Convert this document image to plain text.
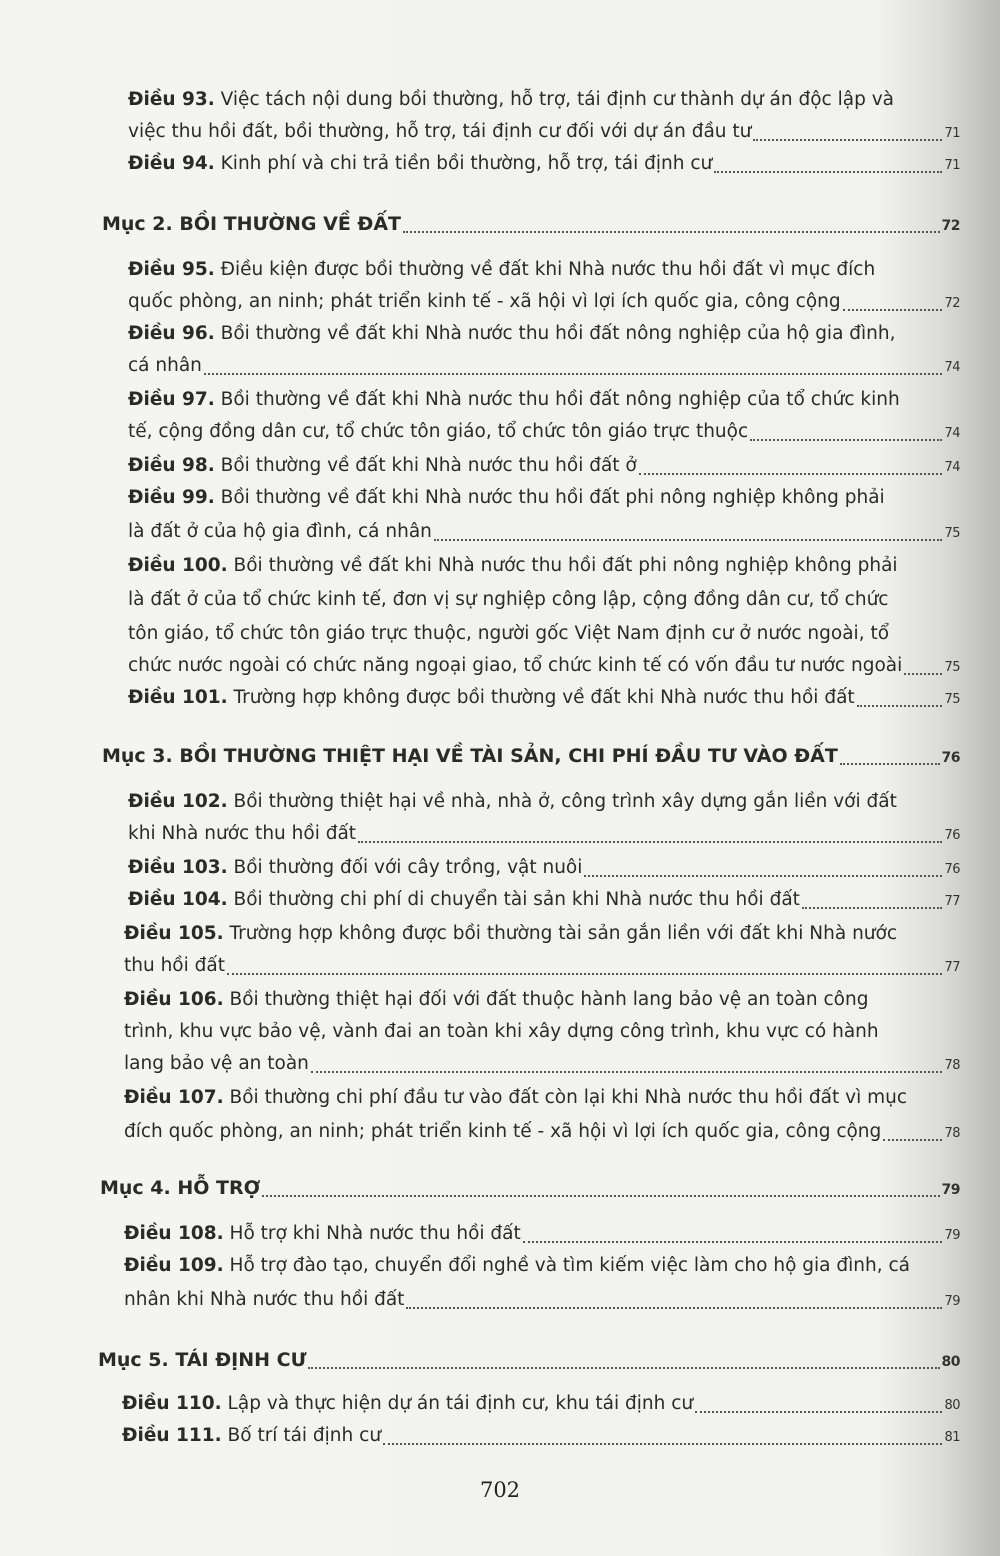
Điều 93. Việc tách nội dung bồi thường, hỗ trợ, tái định cư thành dự án độc lập và
việc thu hồi đất, bồi thường, hỗ trợ, tái định cư đối với dự án đầu tư	71
Điều 94. Kinh phí và chi trả tiền bồi thường, hỗ trợ, tái định cư	71
Mục 2. BỒI THƯỜNG VỀ ĐẤT	72
Điều 95. Điều kiện được bồi thường về đất khi Nhà nước thu hồi đất vì mục đích
quốc phòng, an ninh; phát triển kinh tế - xã hội vì lợi ích quốc gia, công cộng	72
Điều 96. Bồi thường về đất khi Nhà nước thu hồi đất nông nghiệp của hộ gia đình,
cá nhân	74
Điều 97. Bồi thường về đất khi Nhà nước thu hồi đất nông nghiệp của tổ chức kinh
tế, cộng đồng dân cư, tổ chức tôn giáo, tổ chức tôn giáo trực thuộc	74
Điều 98. Bồi thường về đất khi Nhà nước thu hồi đất ở	74
Điều 99. Bồi thường về đất khi Nhà nước thu hồi đất phi nông nghiệp không phải
là đất ở của hộ gia đình, cá nhân	75
Điều 100. Bồi thường về đất khi Nhà nước thu hồi đất phi nông nghiệp không phải
là đất ở của tổ chức kinh tế, đơn vị sự nghiệp công lập, cộng đồng dân cư, tổ chức
tôn giáo, tổ chức tôn giáo trực thuộc, người gốc Việt Nam định cư ở nước ngoài, tổ
chức nước ngoài có chức năng ngoại giao, tổ chức kinh tế có vốn đầu tư nước ngoài	75
Điều 101. Trường hợp không được bồi thường về đất khi Nhà nước thu hồi đất	75
Mục 3. BỒI THƯỜNG THIỆT HẠI VỀ TÀI SẢN, CHI PHÍ ĐẦU TƯ VÀO ĐẤT	76
Điều 102. Bồi thường thiệt hại về nhà, nhà ở, công trình xây dựng gắn liền với đất
khi Nhà nước thu hồi đất	76
Điều 103. Bồi thường đối với cây trồng, vật nuôi	76
Điều 104. Bồi thường chi phí di chuyển tài sản khi Nhà nước thu hồi đất	77
Điều 105. Trường hợp không được bồi thường tài sản gắn liền với đất khi Nhà nước
thu hồi đất	77
Điều 106. Bồi thường thiệt hại đối với đất thuộc hành lang bảo vệ an toàn công
trình, khu vực bảo vệ, vành đai an toàn khi xây dựng công trình, khu vực có hành
lang bảo vệ an toàn	78
Điều 107. Bồi thường chi phí đầu tư vào đất còn lại khi Nhà nước thu hồi đất vì mục
đích quốc phòng, an ninh; phát triển kinh tế - xã hội vì lợi ích quốc gia, công cộng	78
Mục 4. HỖ TRỢ	79
Điều 108. Hỗ trợ khi Nhà nước thu hồi đất	79
Điều 109. Hỗ trợ đào tạo, chuyển đổi nghề và tìm kiếm việc làm cho hộ gia đình, cá
nhân khi Nhà nước thu hồi đất	79
Mục 5. TÁI ĐỊNH CƯ	80
Điều 110. Lập và thực hiện dự án tái định cư, khu tái định cư	80
Điều 111. Bố trí tái định cư	81
702
